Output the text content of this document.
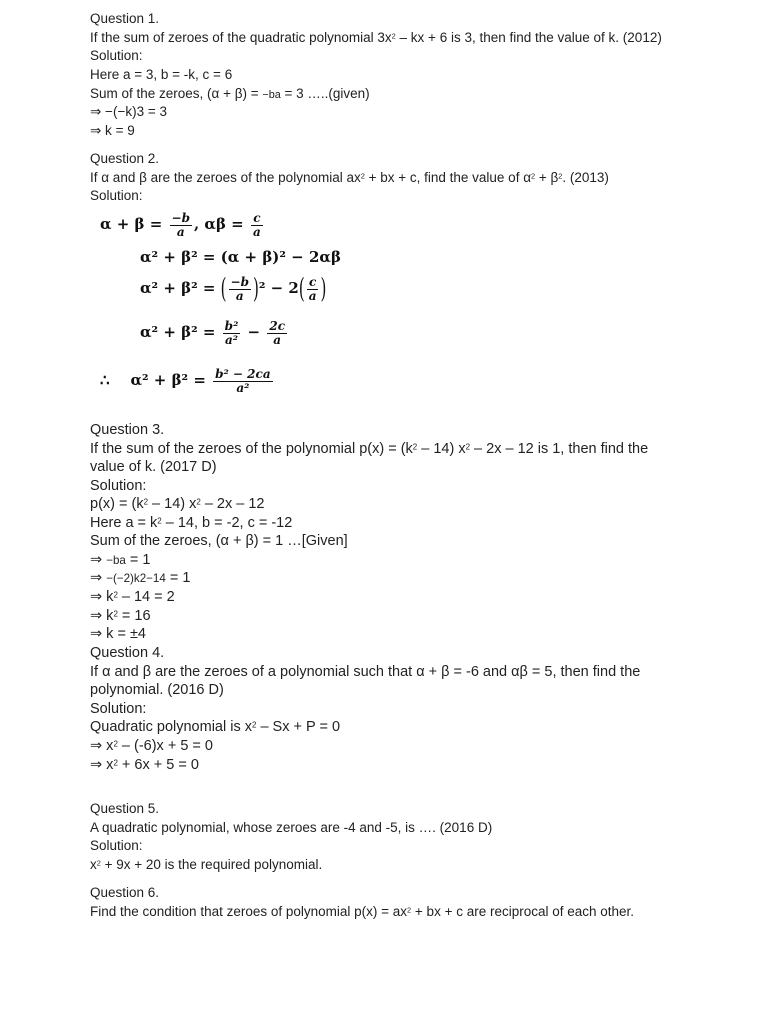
Question 1.
If the sum of zeroes of the quadratic polynomial $3x^2$ – kx + 6 is 3, then find the value of k. (2012)
Solution:
Here a = 3, b = -k, c = 6
Sum of the zeroes, (α + β) = −ba = 3 …..(given)
⇒ −(−k)3 = 3
⇒ k = 9
Question 2.
If α and β are the zeroes of the polynomial $ax^2$ + bx + c, find the value of $\alpha^2 + \beta^2$. (2013)
Solution:
$\alpha + \beta = \frac{-b}{a}$ , $\alpha\beta = \frac{c}{a}$
α² + β² = (α + β)² − 2αβ
α² + β² = ( $\frac{-b}{a} )^2 - 2( \frac{c}{a}$ )
$\alpha^2 + \beta^2 = \frac{\text{b²}}{\text{a²}} - \frac{2c}{a}$
∴ $\alpha^2 + \beta^2 = \frac{\text{b² − 2ca}}{\text{a²}}$
Question 3.
If the sum of the zeroes of the polynomial $p(x) = (k^2 - 14)$ $x^2 - 2x - 12$ is 1, then find the
value of k. (2017 D)
Solution:
$p(x) = (k^2 - 14)$ $x^2 - 2x - 12$
Here $a = k^2 - 14$, b = -2, c = -12
Sum of the zeroes, (α + β) = 1 …[Given]
⇒ −ba = 1
⇒ −(−2)k2−14 = 1
⇒ $k^2 - 14 = 2$
⇒ $k^2 = 16$
⇒ k = ±4
Question 4.
If α and β are the zeroes of a polynomial such that α + β = -6 and αβ = 5, then find the
polynomial. (2016 D)
Solution:
Quadratic polynomial is $x^2 - Sx + P = 0$
⇒ $x^2 - (-6)x + 5 = 0$
⇒ $x^2 + 6x + 5 = 0$
Question 5.
A quadratic polynomial, whose zeroes are -4 and -5, is …. (2016 D)
Solution:
$x^2 + 9x + 20$ is the required polynomial.
Question 6.
Find the condition that zeroes of polynomial $p(x) = ax^2$ + bx + c are reciprocal of each other.
